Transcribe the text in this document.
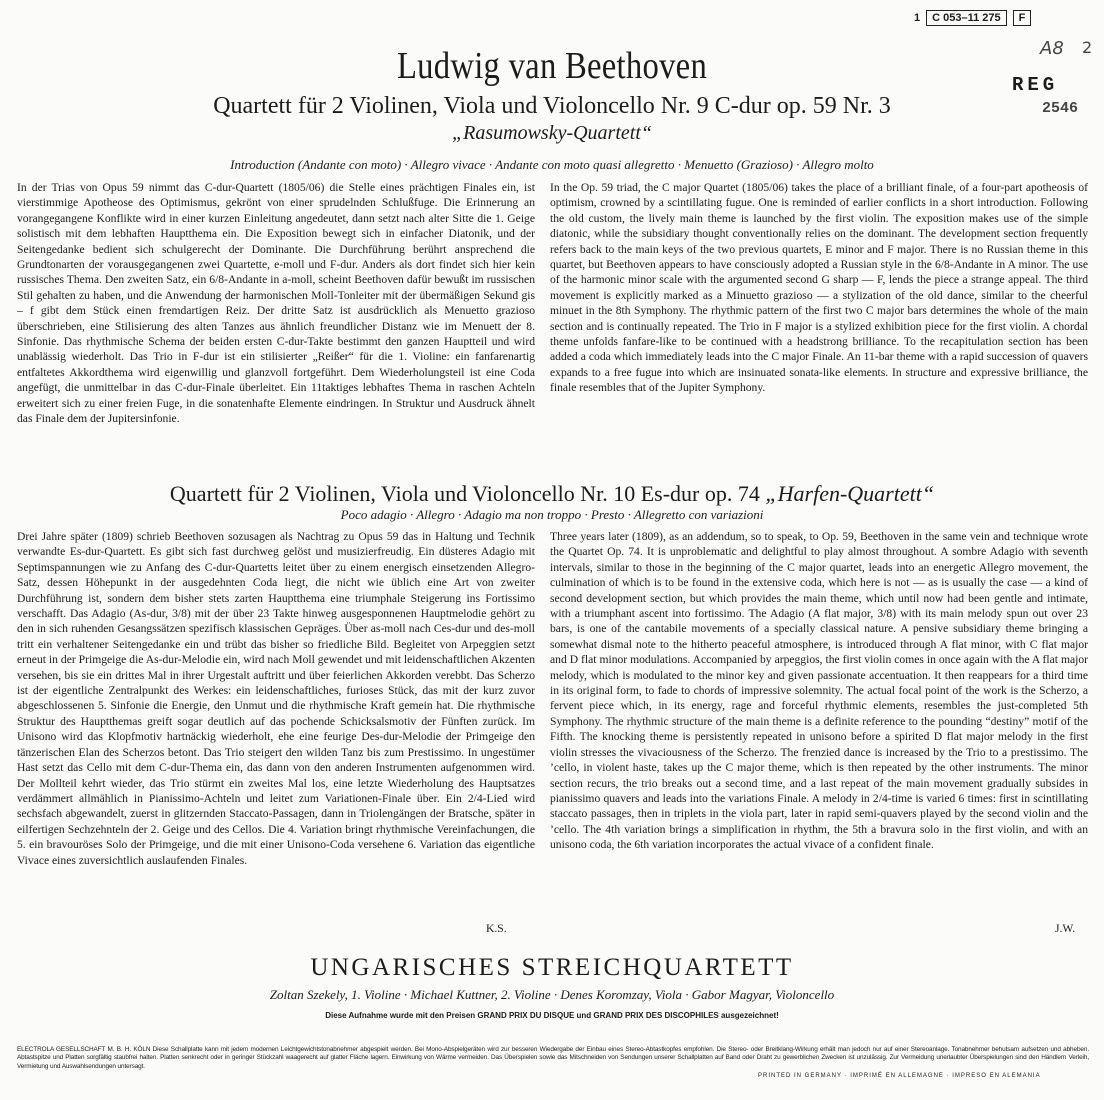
1	C 053–11 275	F
A8 2
REG
2546
Ludwig van Beethoven
Quartett für 2 Violinen, Viola und Violoncello Nr. 9 C-dur op. 59 Nr. 3
„Rasumowsky-Quartett“
Introduction (Andante con moto) · Allegro vivace · Andante con moto quasi allegretto · Menuetto (Grazioso) · Allegro molto
In der Trias von Opus 59 nimmt das C-dur-Quartett (1805/06) die Stelle eines prächtigen Finales ein, ist vierstimmige Apotheose des Optimismus, gekrönt von einer sprudelnden Schlußfuge. Die Erinnerung an vorangegangene Konflikte wird in einer kurzen Einleitung angedeutet, dann setzt nach alter Sitte die 1. Geige solistisch mit dem lebhaften Hauptthema ein. Die Exposition bewegt sich in einfacher Diatonik, und der Seitengedanke bedient sich schulgerecht der Dominante. Die Durchführung berührt ansprechend die Grundtonarten der vorausgegangenen zwei Quartette, e-moll und F-dur. Anders als dort findet sich hier kein russisches Thema. Den zweiten Satz, ein 6/8-Andante in a-moll, scheint Beethoven dafür bewußt im russischen Stil gehalten zu haben, und die Anwendung der harmonischen Moll-Tonleiter mit der übermäßigen Sekund gis – f gibt dem Stück einen fremdartigen Reiz. Der dritte Satz ist ausdrücklich als Menuetto grazioso überschrieben, eine Stilisierung des alten Tanzes aus ähnlich freundlicher Distanz wie im Menuett der 8. Sinfonie. Das rhythmische Schema der beiden ersten C-dur-Takte bestimmt den ganzen Hauptteil und wird unablässig wiederholt. Das Trio in F-dur ist ein stilisierter „Reißer“ für die 1. Violine: ein fanfarenartig entfaltetes Akkordthema wird eigenwillig und glanzvoll fortgeführt. Dem Wiederholungsteil ist eine Coda angefügt, die unmittelbar in das C-dur-Finale überleitet. Ein 11taktiges lebhaftes Thema in raschen Achteln erweitert sich zu einer freien Fuge, in die sonatenhafte Elemente eindringen. In Struktur und Ausdruck ähnelt das Finale dem der Jupitersinfonie.
In the Op. 59 triad, the C major Quartet (1805/06) takes the place of a brilliant finale, of a four-part apotheosis of optimism, crowned by a scintillating fugue. One is reminded of earlier conflicts in a short introduction. Following the old custom, the lively main theme is launched by the first violin. The exposition makes use of the simple diatonic, while the subsidiary thought conventionally relies on the dominant. The development section frequently refers back to the main keys of the two previous quartets, E minor and F major. There is no Russian theme in this quartet, but Beethoven appears to have consciously adopted a Russian style in the 6/8-Andante in A minor. The use of the harmonic minor scale with the argumented second G sharp — F, lends the piece a strange appeal. The third movement is explicitly marked as a Minuetto grazioso — a stylization of the old dance, similar to the cheerful minuet in the 8th Symphony. The rhythmic pattern of the first two C major bars determines the whole of the main section and is continually repeated. The Trio in F major is a stylized exhibition piece for the first violin. A chordal theme unfolds fanfare-like to be continued with a headstrong brilliance. To the recapitulation section has been added a coda which immediately leads into the C major Finale. An 11-bar theme with a rapid succession of quavers expands to a free fugue into which are insinuated sonata-like elements. In structure and expressive brilliance, the finale resembles that of the Jupiter Symphony.
Quartett für 2 Violinen, Viola und Violoncello Nr. 10 Es-dur op. 74 „Harfen-Quartett“
Poco adagio · Allegro · Adagio ma non troppo · Presto · Allegretto con variazioni
Drei Jahre später (1809) schrieb Beethoven sozusagen als Nachtrag zu Opus 59 das in Haltung und Technik verwandte Es-dur-Quartett. Es gibt sich fast durchweg gelöst und musizierfreudig. Ein düsteres Adagio mit Septimspannungen wie zu Anfang des C-dur-Quartetts leitet über zu einem energisch einsetzenden Allegro-Satz, dessen Höhepunkt in der ausgedehnten Coda liegt, die nicht wie üblich eine Art von zweiter Durchführung ist, sondern dem bisher stets zarten Hauptthema eine triumphale Steigerung ins Fortissimo verschafft. Das Adagio (As-dur, 3/8) mit der über 23 Takte hinweg ausgesponnenen Hauptmelodie gehört zu den in sich ruhenden Gesangssätzen spezifisch klassischen Gepräges. Über as-moll nach Ces-dur und des-moll tritt ein verhaltener Seitengedanke ein und trübt das bisher so friedliche Bild. Begleitet von Arpeggien setzt erneut in der Primgeige die As-dur-Melodie ein, wird nach Moll gewendet und mit leidenschaftlichen Akzenten versehen, bis sie ein drittes Mal in ihrer Urgestalt auftritt und über feierlichen Akkorden verebbt. Das Scherzo ist der eigentliche Zentralpunkt des Werkes: ein leidenschaftliches, furioses Stück, das mit der kurz zuvor abgeschlossenen 5. Sinfonie die Energie, den Unmut und die rhythmische Kraft gemein hat. Die rhythmische Struktur des Hauptthemas greift sogar deutlich auf das pochende Schicksalsmotiv der Fünften zurück. Im Unisono wird das Klopfmotiv hartnäckig wiederholt, ehe eine feurige Des-dur-Melodie der Primgeige den tänzerischen Elan des Scherzos betont. Das Trio steigert den wilden Tanz bis zum Prestissimo. In ungestümer Hast setzt das Cello mit dem C-dur-Thema ein, das dann von den anderen Instrumenten aufgenommen wird. Der Mollteil kehrt wieder, das Trio stürmt ein zweites Mal los, eine letzte Wiederholung des Hauptsatzes verdämmert allmählich in Pianissimo-Achteln und leitet zum Variationen-Finale über. Ein 2/4-Lied wird sechsfach abgewandelt, zuerst in glitzernden Staccato-Passagen, dann in Triolengängen der Bratsche, später in eilfertigen Sechzehnteln der 2. Geige und des Cellos. Die 4. Variation bringt rhythmische Vereinfachungen, die 5. ein bravouröses Solo der Primgeige, und die mit einer Unisono-Coda versehene 6. Variation das eigentliche Vivace eines zuversichtlich auslaufenden Finales.
Three years later (1809), as an addendum, so to speak, to Op. 59, Beethoven in the same vein and technique wrote the Quartet Op. 74. It is unproblematic and delightful to play almost throughout. A sombre Adagio with seventh intervals, similar to those in the beginning of the C major quartet, leads into an energetic Allegro movement, the culmination of which is to be found in the extensive coda, which here is not — as is usually the case — a kind of second development section, but which provides the main theme, which until now had been gentle and intimate, with a triumphant ascent into fortissimo. The Adagio (A flat major, 3/8) with its main melody spun out over 23 bars, is one of the cantabile movements of a specially classical nature. A pensive subsidiary theme bringing a somewhat dismal note to the hitherto peaceful atmosphere, is introduced through A flat minor, with C flat major and D flat minor modulations. Accompanied by arpeggios, the first violin comes in once again with the A flat major melody, which is modulated to the minor key and given passionate accentuation. It then reappears for a third time in its original form, to fade to chords of impressive solemnity. The actual focal point of the work is the Scherzo, a fervent piece which, in its energy, rage and forceful rhythmic elements, resembles the just-completed 5th Symphony. The rhythmic structure of the main theme is a definite reference to the pounding “destiny” motif of the Fifth. The knocking theme is persistently repeated in unisono before a spirited D flat major melody in the first violin stresses the vivaciousness of the Scherzo. The frenzied dance is increased by the Trio to a prestissimo. The ’cello, in violent haste, takes up the C major theme, which is then repeated by the other instruments. The minor section recurs, the trio breaks out a second time, and a last repeat of the main movement gradually subsides in pianissimo quavers and leads into the variations Finale. A melody in 2/4-time is varied 6 times: first in scintillating staccato passages, then in triplets in the viola part, later in rapid semi-quavers played by the second violin and the ’cello. The 4th variation brings a simplification in rhythm, the 5th a bravura solo in the first violin, and with an unisono coda, the 6th variation incorporates the actual vivace of a confident finale.
K.S.	J.W.
UNGARISCHES STREICHQUARTETT
Zoltan Szekely, 1. Violine · Michael Kuttner, 2. Violine · Denes Koromzay, Viola · Gabor Magyar, Violoncello
Diese Aufnahme wurde mit den Preisen GRAND PRIX DU DISQUE und GRAND PRIX DES DISCOPHILES ausgezeichnet!
ELECTROLA GESELLSCHAFT M. B. H. KÖLN Diese Schallplatte kann mit jedem modernen Leichtgewichtstonabnehmer abgespielt werden. Bei Mono-Abspielgeräten wird zur besseren Wiedergabe der Einbau eines Stereo-Abtastkopfes empfohlen. Die Stereo- oder Breitklang-Wirkung erhält man jedoch nur auf einer Stereoanlage. Tonabnehmer behutsam aufsetzen und abheben. Abtastspitze und Platten sorgfältig staubfrei halten. Platten senkrecht oder in geringer Stückzahl waagerecht auf glatter Fläche lagern. Einwirkung von Wärme vermeiden. Das Überspielen sowie das Mitschneiden von Sendungen unserer Schallplatten auf Band oder Draht zu gewerblichen Zwecken ist unzulässig. Zur Vermeidung unerlaubter Überspielungen sind den Händlern Verleih, Vermietung und Auswahlsendungen untersagt.
PRINTED IN GERMANY · IMPRIMÉ EN ALLEMAGNE · IMPRESO EN ALEMANIA
